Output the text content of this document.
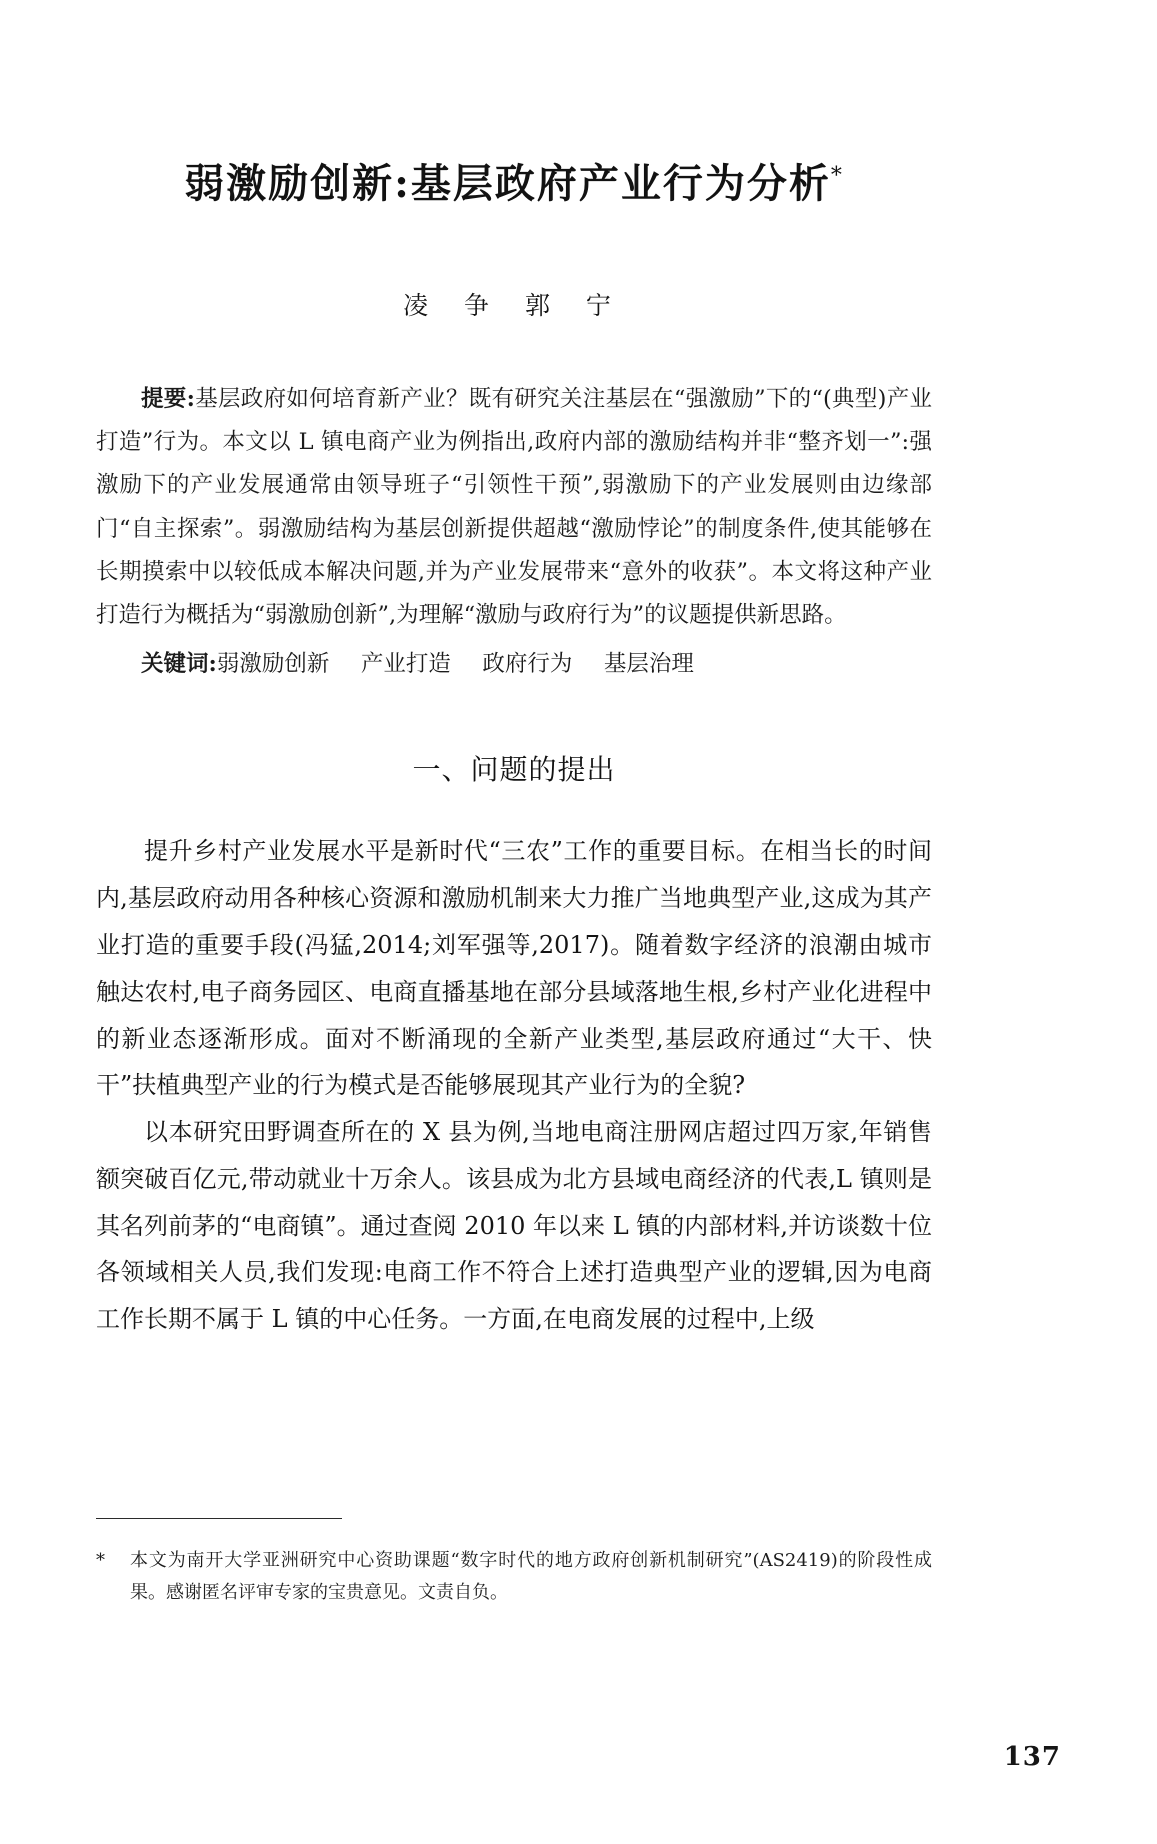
弱激励创新:基层政府产业行为分析*
凌 争 郭 宁

提要:基层政府如何培育新产业？既有研究关注基层在“强激励”下的“(典型)产业打造”行为。本文以 L 镇电商产业为例指出,政府内部的激励结构并非“整齐划一”:强激励下的产业发展通常由领导班子“引领性干预”,弱激励下的产业发展则由边缘部门“自主探索”。弱激励结构为基层创新提供超越“激励悖论”的制度条件,使其能够在长期摸索中以较低成本解决问题,并为产业发展带来“意外的收获”。本文将这种产业打造行为概括为“弱激励创新”,为理解“激励与政府行为”的议题提供新思路。

关键词:弱激励创新 产业打造 政府行为 基层治理
一、问题的提出

提升乡村产业发展水平是新时代“三农”工作的重要目标。在相当长的时间内,基层政府动用各种核心资源和激励机制来大力推广当地典型产业,这成为其产业打造的重要手段(冯猛,2014;刘军强等,2017)。随着数字经济的浪潮由城市触达农村,电子商务园区、电商直播基地在部分县域落地生根,乡村产业化进程中的新业态逐渐形成。面对不断涌现的全新产业类型,基层政府通过“大干、快干”扶植典型产业的行为模式是否能够展现其产业行为的全貌?

以本研究田野调查所在的 X 县为例,当地电商注册网店超过四万家,年销售额突破百亿元,带动就业十万余人。该县成为北方县域电商经济的代表,L 镇则是其名列前茅的“电商镇”。通过查阅 2010 年以来 L 镇的内部材料,并访谈数十位各领域相关人员,我们发现:电商工作不符合上述打造典型产业的逻辑,因为电商工作长期不属于 L 镇的中心任务。一方面,在电商发展的过程中,上级

*	本文为南开大学亚洲研究中心资助课题“数字时代的地方政府创新机制研究”(AS2419)的阶段性成果。感谢匿名评审专家的宝贵意见。文责自负。
137
